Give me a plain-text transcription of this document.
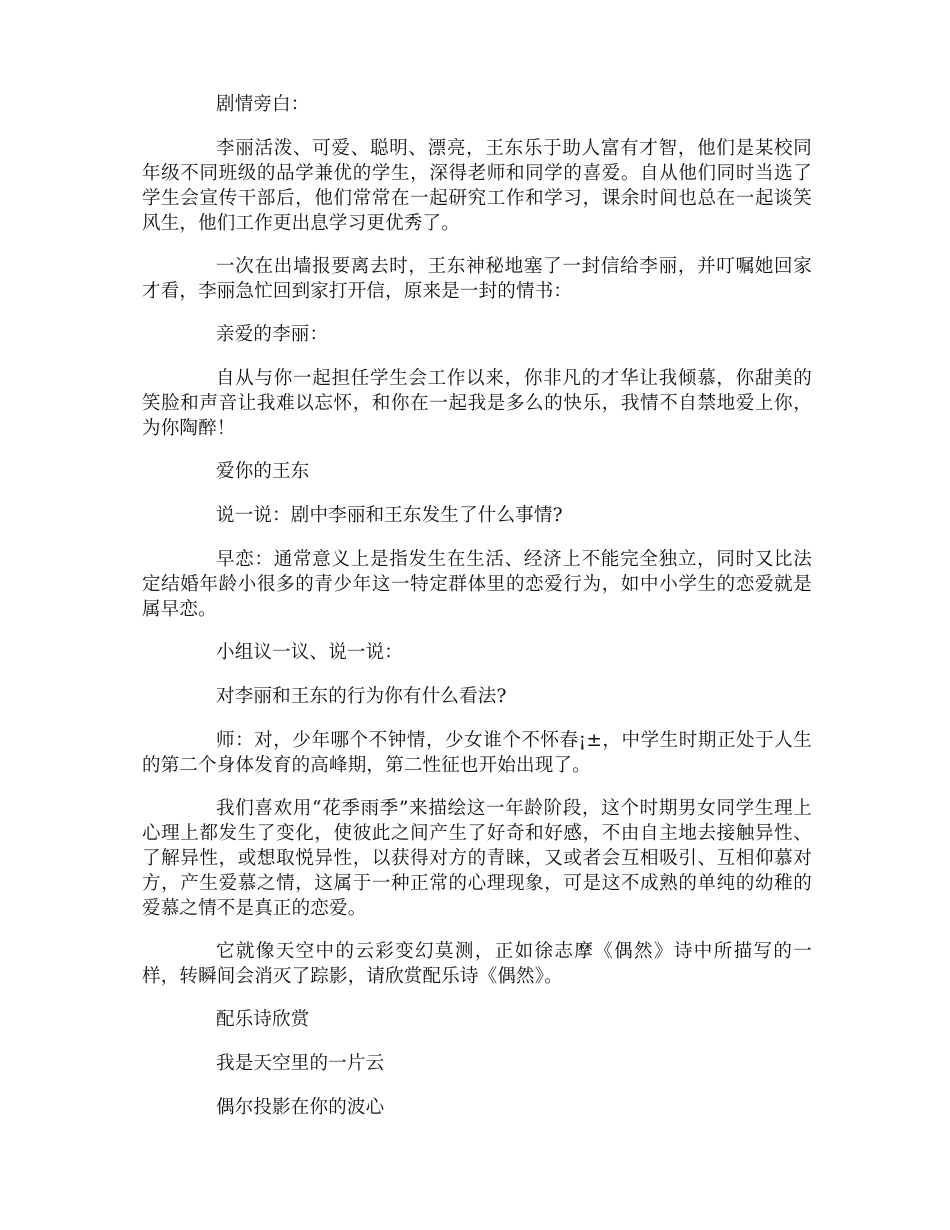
剧情旁白：

李丽活泼、可爱、聪明、漂亮，王东乐于助人富有才智，他们是某校同年级不同班级的品学兼优的学生，深得老师和同学的喜爱。自从他们同时当选了学生会宣传干部后，他们常常在一起研究工作和学习，课余时间也总在一起谈笑风生，他们工作更出息学习更优秀了。

一次在出墙报要离去时，王东神秘地塞了一封信给李丽，并叮嘱她回家才看，李丽急忙回到家打开信，原来是一封的情书：

亲爱的李丽：

自从与你一起担任学生会工作以来，你非凡的才华让我倾慕，你甜美的笑脸和声音让我难以忘怀，和你在一起我是多么的快乐，我情不自禁地爱上你，为你陶醉！

爱你的王东

说一说：剧中李丽和王东发生了什么事情?

早恋：通常意义上是指发生在生活、经济上不能完全独立，同时又比法定结婚年龄小很多的青少年这一特定群体里的恋爱行为，如中小学生的恋爱就是属早恋。

小组议一议、说一说：

对李丽和王东的行为你有什么看法?

师：对，少年哪个不钟情，少女谁个不怀春¡±，中学生时期正处于人生的第二个身体发育的高峰期，第二性征也开始出现了。

我们喜欢用“花季雨季”来描绘这一年龄阶段，这个时期男女同学生理上心理上都发生了变化，使彼此之间产生了好奇和好感，不由自主地去接触异性、了解异性，或想取悦异性，以获得对方的青睐，又或者会互相吸引、互相仰慕对方，产生爱慕之情，这属于一种正常的心理现象，可是这不成熟的单纯的幼稚的爱慕之情不是真正的恋爱。

它就像天空中的云彩变幻莫测，正如徐志摩《偶然》诗中所描写的一样，转瞬间会消灭了踪影，请欣赏配乐诗《偶然》。

配乐诗欣赏

我是天空里的一片云

偶尔投影在你的波心
